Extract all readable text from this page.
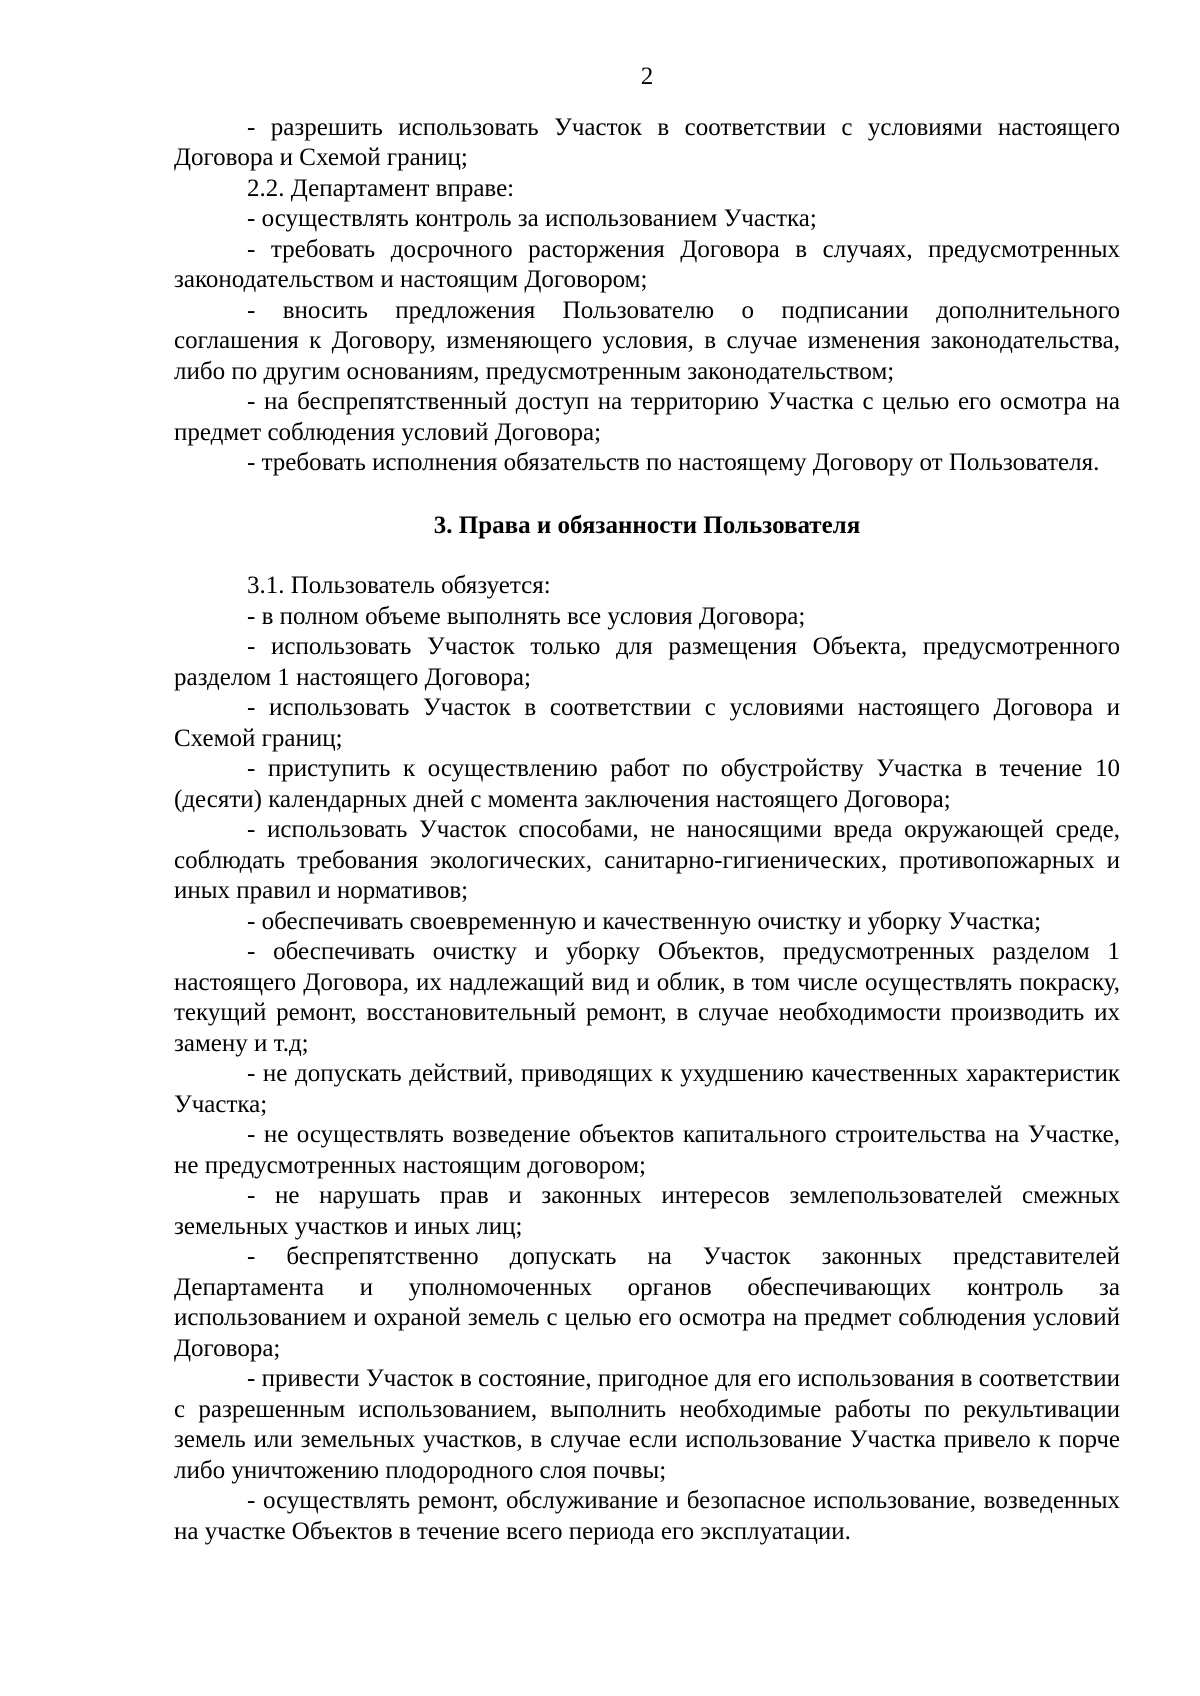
2

- разрешить использовать Участок в соответствии с условиями настоящего Договора и Схемой границ;

2.2. Департамент вправе:

- осуществлять контроль за использованием Участка;

- требовать досрочного расторжения Договора в случаях, предусмотренных законодательством и настоящим Договором;

- вносить предложения Пользователю о подписании дополнительного соглашения к Договору, изменяющего условия, в случае изменения законодательства, либо по другим основаниям, предусмотренным законодательством;

- на беспрепятственный доступ на территорию Участка с целью его осмотра на предмет соблюдения условий Договора;

- требовать исполнения обязательств по настоящему Договору от Пользователя.

3. Права и обязанности Пользователя

3.1. Пользователь обязуется:

- в полном объеме выполнять все условия Договора;

- использовать Участок только для размещения Объекта, предусмотренного разделом 1 настоящего Договора;

- использовать Участок в соответствии с условиями настоящего Договора и Схемой границ;

- приступить к осуществлению работ по обустройству Участка в течение 10 (десяти) календарных дней с момента заключения настоящего Договора;

- использовать Участок способами, не наносящими вреда окружающей среде, соблюдать требования экологических, санитарно-гигиенических, противопожарных и иных правил и нормативов;

- обеспечивать своевременную и качественную очистку и уборку Участка;

- обеспечивать очистку и уборку Объектов, предусмотренных разделом 1 настоящего Договора, их надлежащий вид и облик, в том числе осуществлять покраску, текущий ремонт, восстановительный ремонт, в случае необходимости производить их замену и т.д;

- не допускать действий, приводящих к ухудшению качественных характеристик Участка;

- не осуществлять возведение объектов капитального строительства на Участке, не предусмотренных настоящим договором;

- не нарушать прав и законных интересов землепользователей смежных земельных участков и иных лиц;

- беспрепятственно допускать на Участок законных представителей Департамента и уполномоченных органов обеспечивающих контроль за использованием и охраной земель с целью его осмотра на предмет соблюдения условий Договора;

- привести Участок в состояние, пригодное для его использования в соответствии с разрешенным использованием, выполнить необходимые работы по рекультивации земель или земельных участков, в случае если использование Участка привело к порче либо уничтожению плодородного слоя почвы;

- осуществлять ремонт, обслуживание и безопасное использование, возведенных на участке Объектов в течение всего периода его эксплуатации.
